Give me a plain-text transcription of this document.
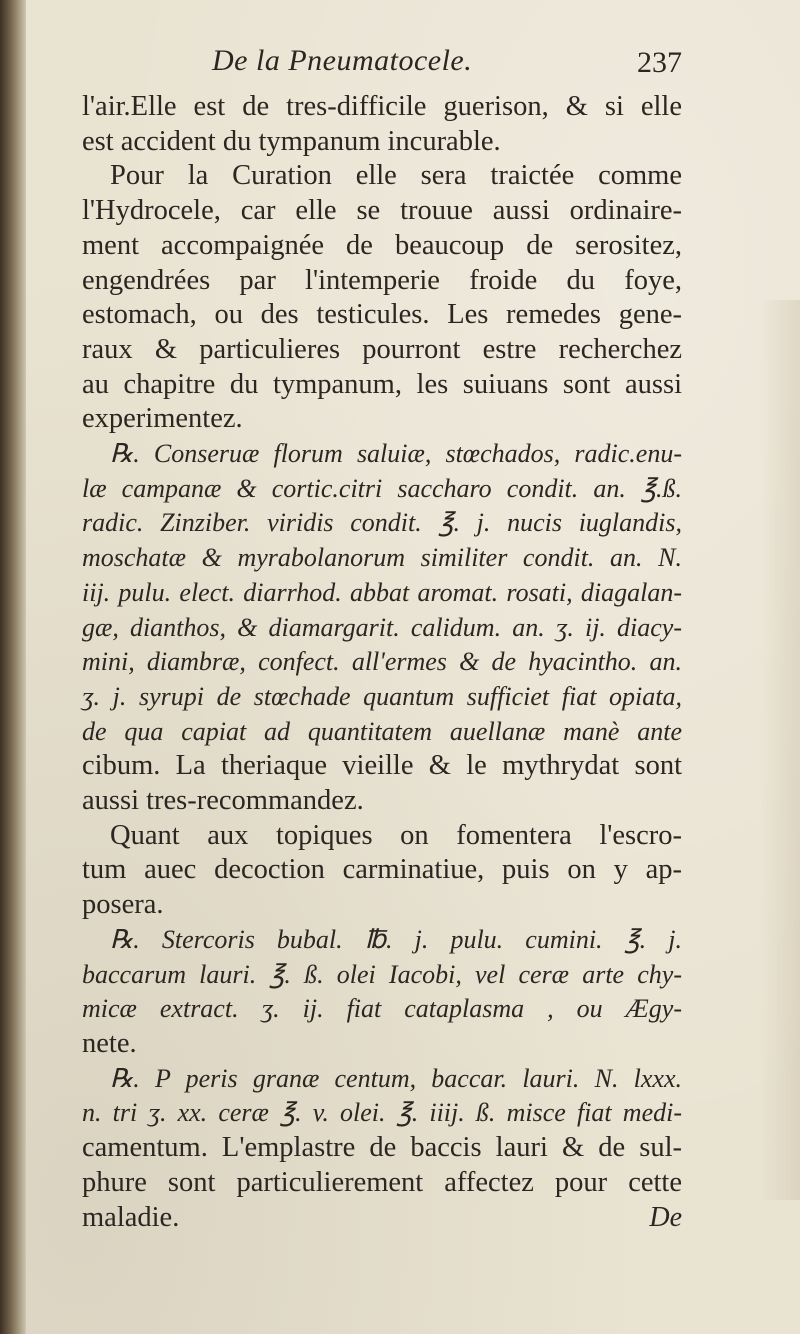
De la Pneumatocele.	237
l'air.Elle est de tres-difficile guerison, & si elle
est accident du tympanum incurable.
Pour la Curation elle sera traictée comme
l'Hydrocele, car elle se trouue aussi ordinaire-
ment accompaignée de beaucoup de serositez,
engendrées par l'intemperie froide du foye,
estomach, ou des testicules. Les remedes gene-
raux & particulieres pourront estre recherchez
au chapitre du tympanum, les suiuans sont aussi
experimentez.
℞. Conseruæ florum saluiæ, stœchados, radic.enu-
læ campanæ & cortic.citri saccharo condit. an. ℥.ß.
radic. Zinziber. viridis condit. ℥. j. nucis iuglandis,
moschatæ & myrabolanorum similiter condit. an. N.
iij. pulu. elect. diarrhod. abbat aromat. rosati, diagalan-
gæ, dianthos, & diamargarit. calidum. an. ʒ. ij. diacy-
mini, diambræ, confect. all'ermes & de hyacintho. an.
ʒ. j. syrupi de stœchade quantum sufficiet fiat opiata,
de qua capiat ad quantitatem auellanæ manè ante
cibum. La theriaque vieille & le mythrydat sont
aussi tres-recommandez.
Quant aux topiques on fomentera l'escro-
tum auec decoction carminatiue, puis on y ap-
posera.
℞. Stercoris bubal. ℔. j. pulu. cumini. ℥. j.
baccarum lauri. ℥. ß. olei Iacobi, vel ceræ arte chy-
micæ extract. ʒ. ij. fiat cataplasma , ou Ægy-
nete.
℞. P peris granæ centum, baccar. lauri. N. lxxx.
n. tri ʒ. xx. ceræ ℥. v. olei. ℥. iiij. ß. misce fiat medi-
camentum. L'emplastre de baccis lauri & de sul-
phure sont particulierement affectez pour cette
maladie.	De
